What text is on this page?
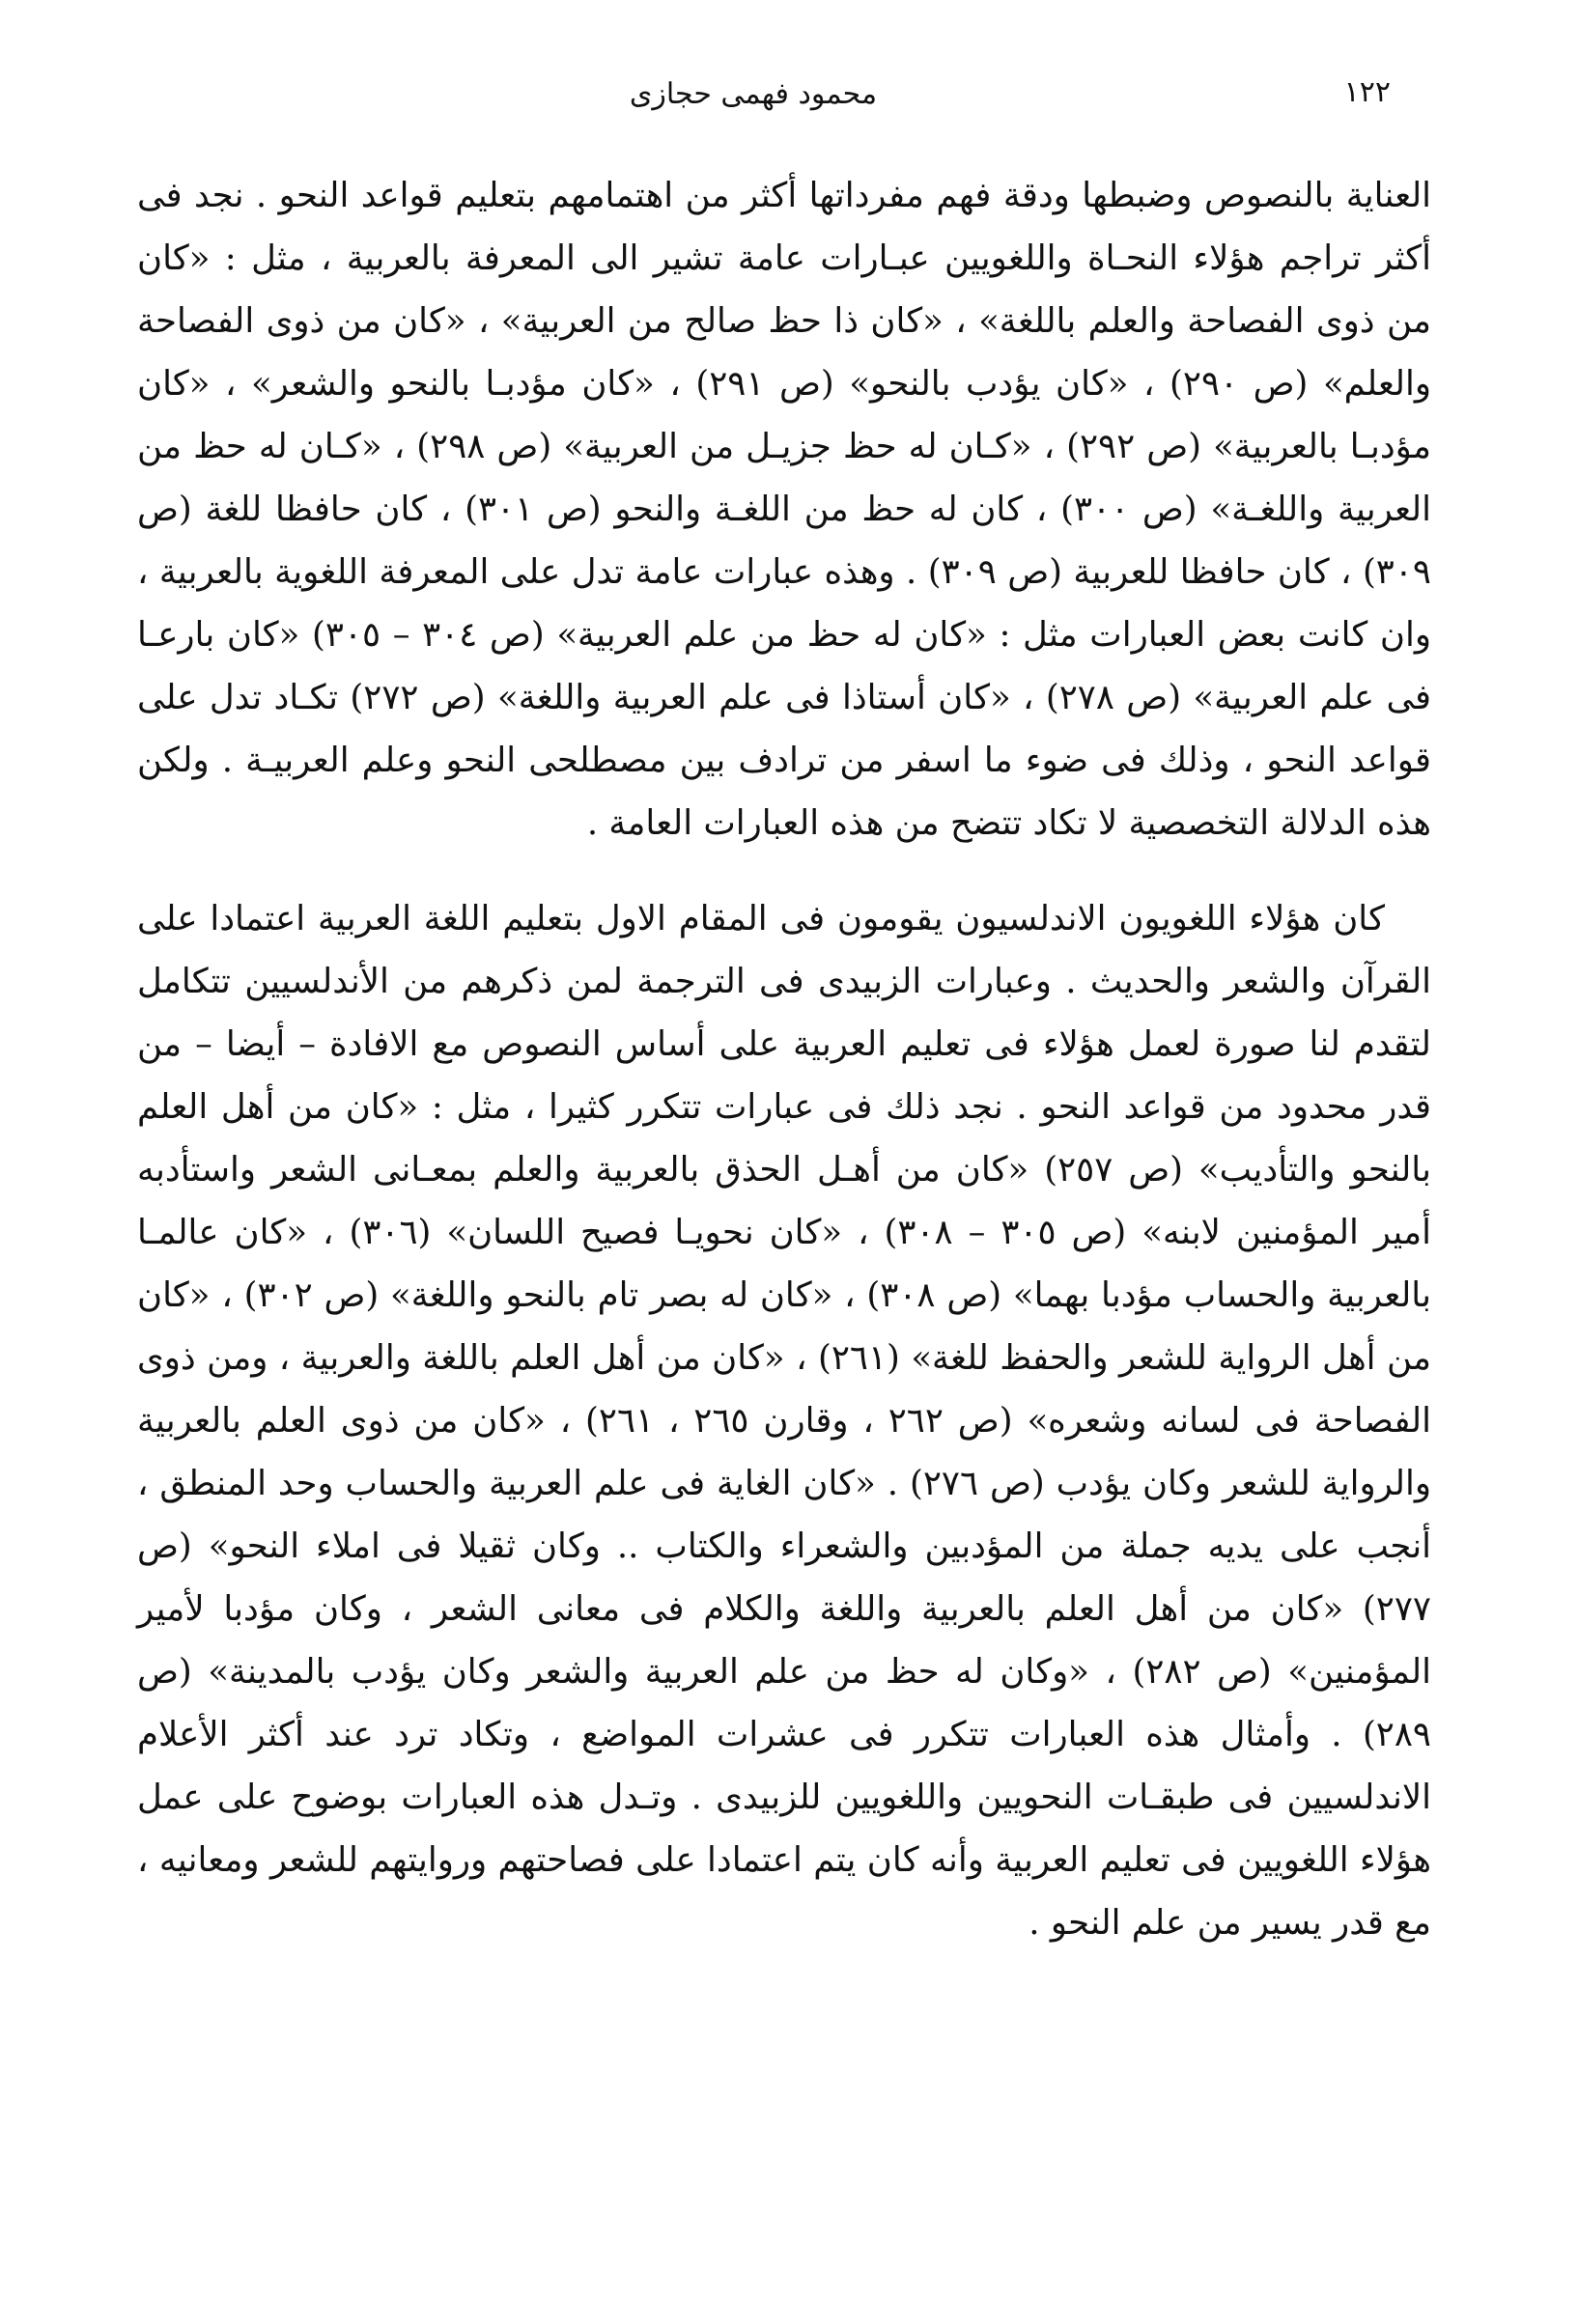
١٢٢
محمود فهمى حجازى

العناية بالنصوص وضبطها ودقة فهم مفرداتها أكثر من اهتمامهم بتعليم قواعد النحو . نجد فى أكثر تراجم هؤلاء النحـاة واللغويين عبـارات عامة تشير الى المعرفة بالعربية ، مثل : «كان من ذوى الفصاحة والعلم باللغة» ، «كان ذا حظ صالح من العربية» ، «كان من ذوى الفصاحة والعلم» (ص ٢٩٠) ، «كان يؤدب بالنحو» (ص ٢٩١) ، «كان مؤدبـا بالنحو والشعر» ، «كان مؤدبـا بالعربية» (ص ٢٩٢) ، «كـان له حظ جزيـل من العربية» (ص ٢٩٨) ، «كـان له حظ من العربية واللغـة» (ص ٣٠٠) ، كان له حظ من اللغـة والنحو (ص ٣٠١) ، كان حافظا للغة (ص ٣٠٩) ، كان حافظا للعربية (ص ٣٠٩) . وهذه عبارات عامة تدل على المعرفة اللغوية بالعربية ، وان كانت بعض العبارات مثل : «كان له حظ من علم العربية» (ص ٣٠٤ – ٣٠٥) «كان بارعـا فى علم العربية» (ص ٢٧٨) ، «كان أستاذا فى علم العربية واللغة» (ص ٢٧٢) تكـاد تدل على قواعد النحو ، وذلك فى ضوء ما اسفر من ترادف بين مصطلحى النحو وعلم العربيـة . ولكن هذه الدلالة التخصصية لا تكاد تتضح من هذه العبارات العامة .

كان هؤلاء اللغويون الاندلسيون يقومون فى المقام الاول بتعليم اللغة العربية اعتمادا على القرآن والشعر والحديث . وعبارات الزبيدى فى الترجمة لمن ذكرهم من الأندلسيين تتكامل لتقدم لنا صورة لعمل هؤلاء فى تعليم العربية على أساس النصوص مع الافادة – أيضا – من قدر محدود من قواعد النحو . نجد ذلك فى عبارات تتكرر كثيرا ، مثل : «كان من أهل العلم بالنحو والتأديب» (ص ٢٥٧) «كان من أهـل الحذق بالعربية والعلم بمعـانى الشعر واستأدبه أمير المؤمنين لابنه» (ص ٣٠٥ – ٣٠٨) ، «كان نحويـا فصيح اللسان» (٣٠٦) ، «كان عالمـا بالعربية والحساب مؤدبا بهما» (ص ٣٠٨) ، «كان له بصر تام بالنحو واللغة» (ص ٣٠٢) ، «كان من أهل الرواية للشعر والحفظ للغة» (٢٦١) ، «كان من أهل العلم باللغة والعربية ، ومن ذوى الفصاحة فى لسانه وشعره» (ص ٢٦٢ ، وقارن ٢٦٥ ، ٢٦١) ، «كان من ذوى العلم بالعربية والرواية للشعر وكان يؤدب (ص ٢٧٦) . «كان الغاية فى علم العربية والحساب وحد المنطق ، أنجب على يديه جملة من المؤدبين والشعراء والكتاب .. وكان ثقيلا فى املاء النحو» (ص ٢٧٧) «كان من أهل العلم بالعربية واللغة والكلام فى معانى الشعر ، وكان مؤدبا لأمير المؤمنين» (ص ٢٨٢) ، «وكان له حظ من علم العربية والشعر وكان يؤدب بالمدينة» (ص ٢٨٩) . وأمثال هذه العبارات تتكرر فى عشرات المواضع ، وتكاد ترد عند أكثر الأعلام الاندلسيين فى طبقـات النحويين واللغويين للزبيدى . وتـدل هذه العبارات بوضوح على عمل هؤلاء اللغويين فى تعليم العربية وأنه كان يتم اعتمادا على فصاحتهم وروايتهم للشعر ومعانيه ، مع قدر يسير من علم النحو .
